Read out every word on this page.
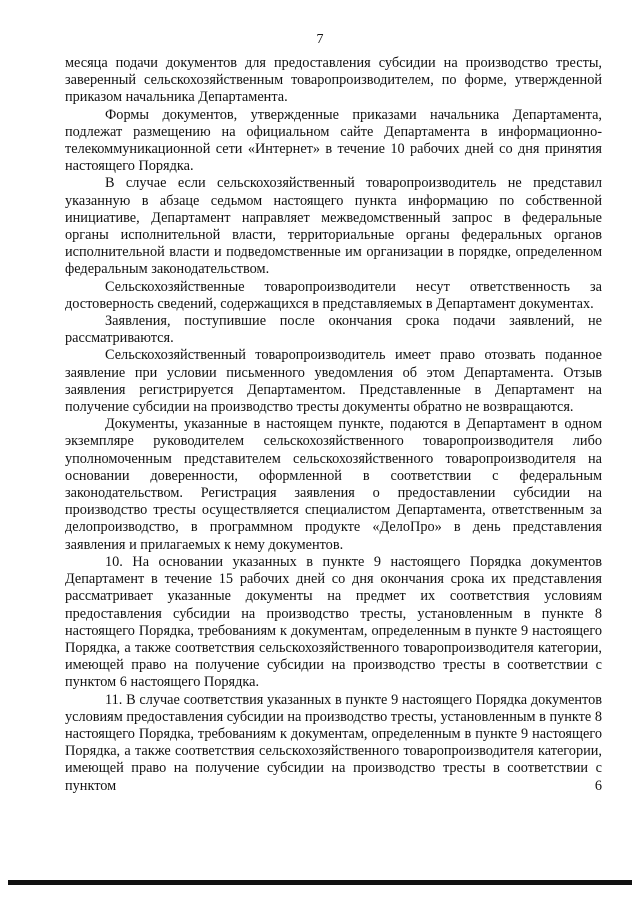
7

месяца подачи документов для предоставления субсидии на производство тресты, заверенный сельскохозяйственным товаропроизводителем, по форме, утвержденной приказом начальника Департамента.

Формы документов, утвержденные приказами начальника Департамента, подлежат размещению на официальном сайте Департамента в информационно-телекоммуникационной сети «Интернет» в течение 10 рабочих дней со дня принятия настоящего Порядка.

В случае если сельскохозяйственный товаропроизводитель не представил указанную в абзаце седьмом настоящего пункта информацию по собственной инициативе, Департамент направляет межведомственный запрос в федеральные органы исполнительной власти, территориальные органы федеральных органов исполнительной власти и подведомственные им организации в порядке, определенном федеральным законодательством.

Сельскохозяйственные товаропроизводители несут ответственность за достоверность сведений, содержащихся в представляемых в Департамент документах.

Заявления, поступившие после окончания срока подачи заявлений, не рассматриваются.

Сельскохозяйственный товаропроизводитель имеет право отозвать поданное заявление при условии письменного уведомления об этом Департамента. Отзыв заявления регистрируется Департаментом. Представленные в Департамент на получение субсидии на производство тресты документы обратно не возвращаются.

Документы, указанные в настоящем пункте, подаются в Департамент в одном экземпляре руководителем сельскохозяйственного товаропроизводителя либо уполномоченным представителем сельскохозяйственного товаропроизводителя на основании доверенности, оформленной в соответствии с федеральным законодательством. Регистрация заявления о предоставлении субсидии на производство тресты осуществляется специалистом Департамента, ответственным за делопроизводство, в программном продукте «ДелоПро» в день представления заявления и прилагаемых к нему документов.

10. На основании указанных в пункте 9 настоящего Порядка документов Департамент в течение 15 рабочих дней со дня окончания срока их представления рассматривает указанные документы на предмет их соответствия условиям предоставления субсидии на производство тресты, установленным в пункте 8 настоящего Порядка, требованиям к документам, определенным в пункте 9 настоящего Порядка, а также соответствия сельскохозяйственного товаропроизводителя категории, имеющей право на получение субсидии на производство тресты в соответствии с пунктом 6 настоящего Порядка.

11. В случае соответствия указанных в пункте 9 настоящего Порядка документов условиям предоставления субсидии на производство тресты, установленным в пункте 8 настоящего Порядка, требованиям к документам, определенным в пункте 9 настоящего Порядка, а также соответствия сельскохозяйственного товаропроизводителя категории, имеющей право на получение субсидии на производство тресты в соответствии с пунктом 6
